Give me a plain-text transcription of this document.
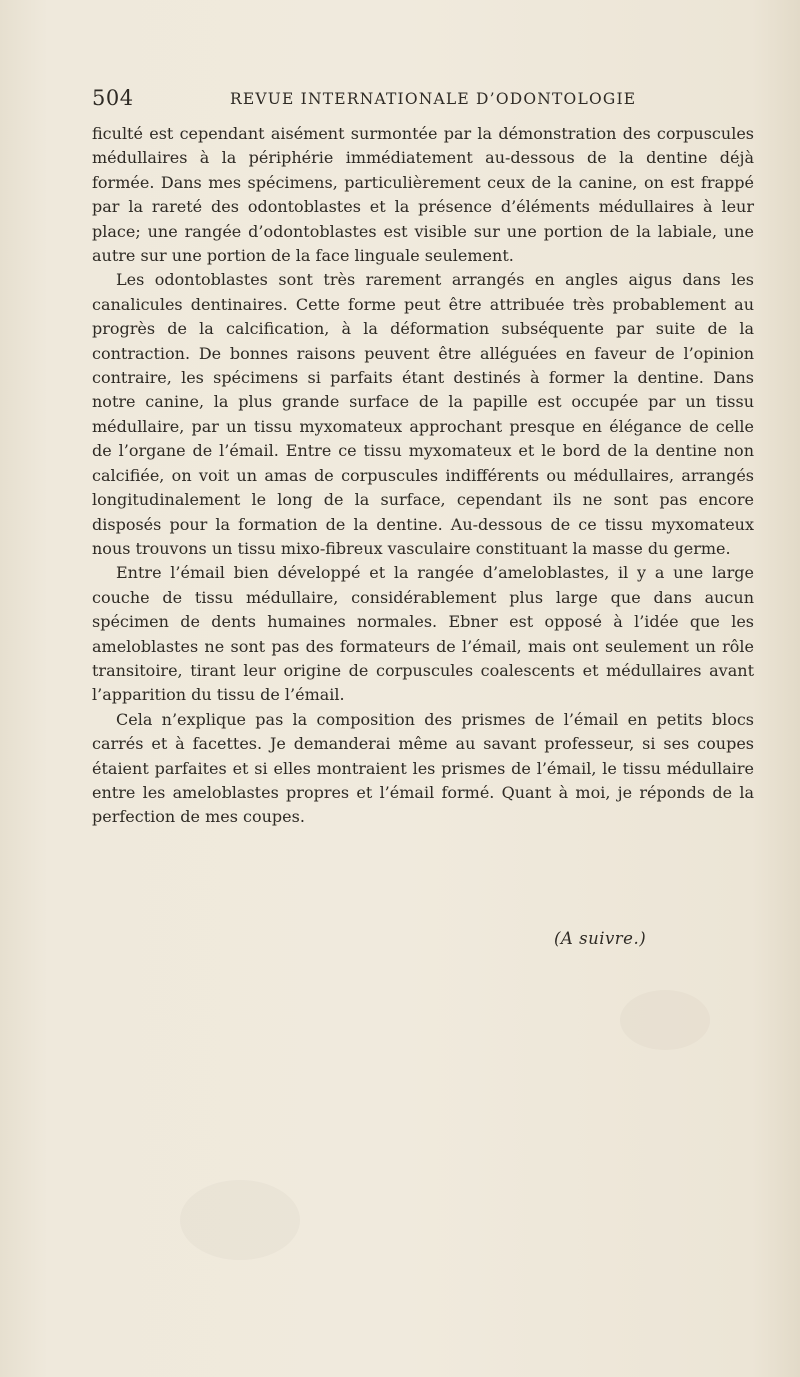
504	REVUE INTERNATIONALE D’ODONTOLOGIE

ficulté est cependant aisément surmontée par la démonstration des corpuscules médullaires à la périphérie immédiatement au-dessous de la dentine déjà formée. Dans mes spécimens, particulièrement ceux de la canine, on est frappé par la rareté des odontoblastes et la présence d’éléments médullaires à leur place; une rangée d’odontoblastes est visible sur une portion de la labiale, une autre sur une portion de la face linguale seulement.

Les odontoblastes sont très rarement arrangés en angles aigus dans les canalicules dentinaires. Cette forme peut être attribuée très probablement au progrès de la calcification, à la déformation subséquente par suite de la contraction. De bonnes raisons peuvent être alléguées en faveur de l’opinion contraire, les spécimens si parfaits étant destinés à former la dentine. Dans notre canine, la plus grande surface de la papille est occupée par un tissu médullaire, par un tissu myxomateux approchant presque en élégance de celle de l’organe de l’émail. Entre ce tissu myxomateux et le bord de la dentine non calcifiée, on voit un amas de corpuscules indifférents ou médullaires, arrangés longitudinalement le long de la surface, cependant ils ne sont pas encore disposés pour la formation de la dentine. Au-dessous de ce tissu myxomateux nous trouvons un tissu mixo-fibreux vasculaire constituant la masse du germe.

Entre l’émail bien développé et la rangée d’ameloblastes, il y a une large couche de tissu médullaire, considérablement plus large que dans aucun spécimen de dents humaines normales. Ebner est opposé à l’idée que les ameloblastes ne sont pas des formateurs de l’émail, mais ont seulement un rôle transitoire, tirant leur origine de corpuscules coalescents et médullaires avant l’apparition du tissu de l’émail.

Cela n’explique pas la composition des prismes de l’émail en petits blocs carrés et à facettes. Je demanderai même au savant professeur, si ses coupes étaient parfaites et si elles montraient les prismes de l’émail, le tissu médullaire entre les ameloblastes propres et l’émail formé. Quant à moi, je réponds de la perfection de mes coupes.

(A suivre.)
